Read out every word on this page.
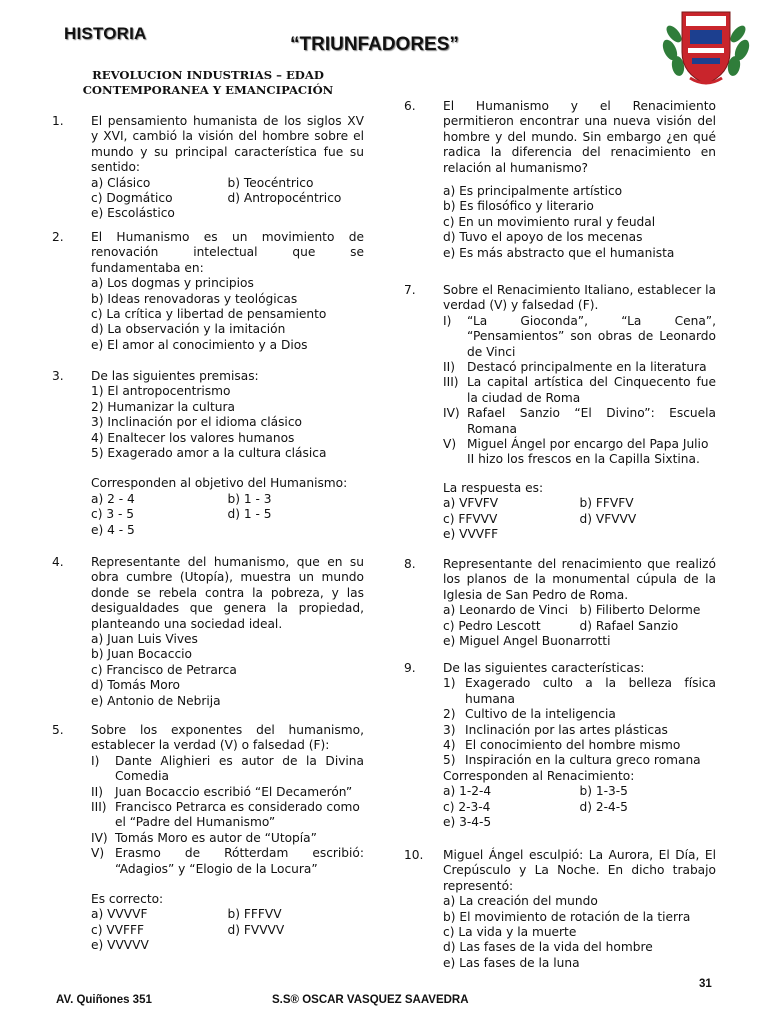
HISTORIA
“TRIUNFADORES”
REVOLUCION INDUSTRIAS – EDAD
CONTEMPORANEA Y EMANCIPACIÓN
1. El pensamiento humanista de los siglos XV y XVI, cambió la visión del hombre sobre el mundo y su principal característica fue su sentido:
a) Clásico	b) Teocéntrico
c) Dogmático	d) Antropocéntrico
e) Escolástico
2. El Humanismo es un movimiento de renovación intelectual que se fundamentaba en:
a) Los dogmas y principios
b) Ideas renovadoras y teológicas
c) La crítica y libertad de pensamiento
d) La observación y la imitación
e) El amor al conocimiento y a Dios
3. De las siguientes premisas:
1) El antropocentrismo
2) Humanizar la cultura
3) Inclinación por el idioma clásico
4) Enaltecer los valores humanos
5) Exagerado amor a la cultura clásica
Corresponden al objetivo del Humanismo:
a) 2 - 4	b) 1 - 3
c) 3 - 5	d) 1 - 5
e) 4 - 5
4. Representante del humanismo, que en su obra cumbre (Utopía), muestra un mundo donde se rebela contra la pobreza, y las desigualdades que genera la propiedad, planteando una sociedad ideal.
a) Juan Luis Vives
b) Juan Bocaccio
c) Francisco de Petrarca
d) Tomás Moro
e) Antonio de Nebrija
5. Sobre los exponentes del humanismo, establecer la verdad (V) o falsedad (F):
I)	Dante Alighieri es autor de la Divina Comedia
II) Juan Bocaccio escribió “El Decamerón”
III) Francisco Petrarca es considerado como el “Padre del Humanismo”
IV) Tomás Moro es autor de “Utopía”
V) Erasmo de Rótterdam escribió: “Adagios” y “Elogio de la Locura”
Es correcto:
a) VVVVF	b) FFFVV
c) VVFFF	d) FVVVV
e) VVVVV
6. El Humanismo y el Renacimiento permitieron encontrar una nueva visión del hombre y del mundo. Sin embargo ¿en qué radica la diferencia del renacimiento en relación al humanismo?
a) Es principalmente artístico
b) Es filosófico y literario
c) En un movimiento rural y feudal
d) Tuvo el apoyo de los mecenas
e) Es más abstracto que el humanista
7. Sobre el Renacimiento Italiano, establecer la verdad (V) y falsedad (F).
I)	“La Gioconda”, “La Cena”, “Pensamientos” son obras de Leonardo de Vinci
II) Destacó principalmente en la literatura
III) La capital artística del Cinquecento fue la ciudad de Roma
IV) Rafael Sanzio “El Divino”: Escuela Romana
V) Miguel Ángel por encargo del Papa Julio II hizo los frescos en la Capilla Sixtina.
La respuesta es:
a) VFVFV	b) FFVFV
c) FFVVV	d) VFVVV
e) VVVFF
8. Representante del renacimiento que realizó los planos de la monumental cúpula de la Iglesia de San Pedro de Roma.
a) Leonardo de Vinci b) Filiberto Delorme
c) Pedro Lescott	d) Rafael Sanzio
e) Miguel Angel Buonarrotti
9. De las siguientes características:
1) Exagerado culto a la belleza física humana
2) Cultivo de la inteligencia
3) Inclinación por las artes plásticas
4) El conocimiento del hombre mismo
5) Inspiración en la cultura greco romana
Corresponden al Renacimiento:
a) 1-2-4	b) 1-3-5
c) 2-3-4	d) 2-4-5
e) 3-4-5
10. Miguel Ángel esculpió: La Aurora, El Día, El Crepúsculo y La Noche. En dicho trabajo representó:
a) La creación del mundo
b) El movimiento de rotación de la tierra
c) La vida y la muerte
d) Las fases de la vida del hombre
e) Las fases de la luna
31
AV. Quiñones 351	S.S® OSCAR VASQUEZ SAAVEDRA
